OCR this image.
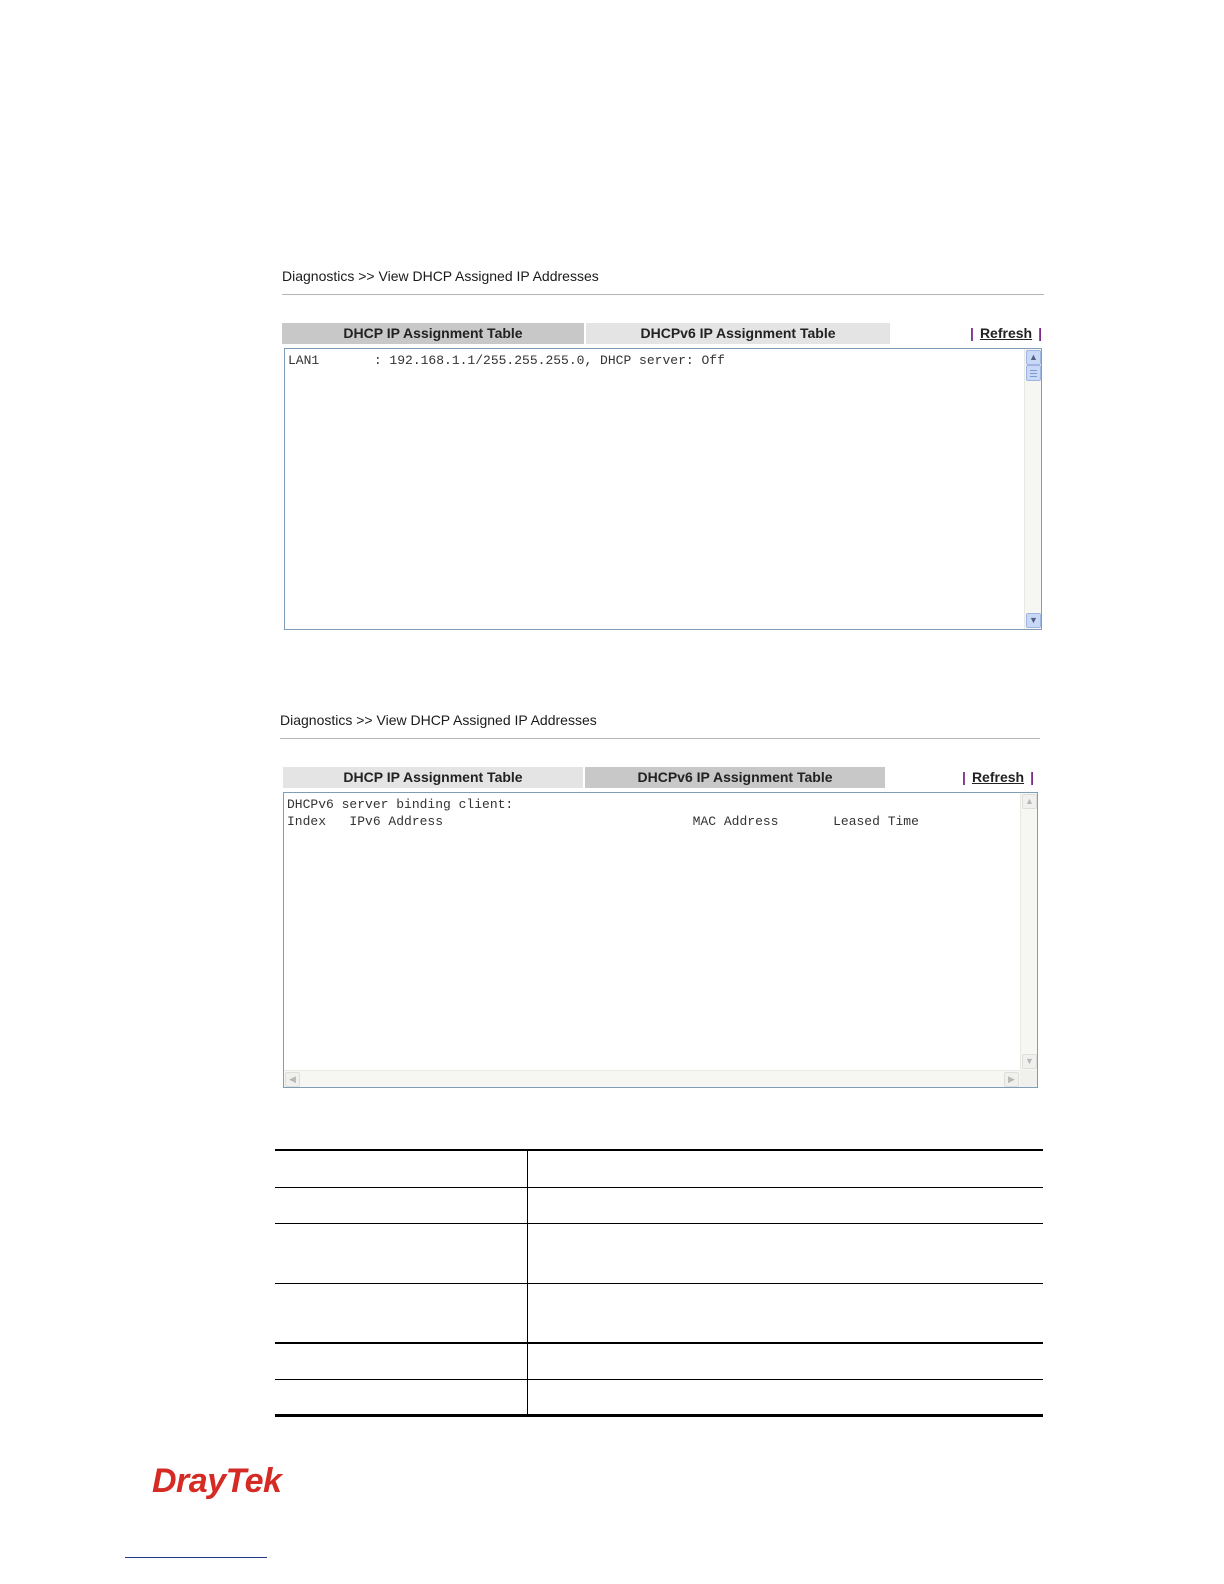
Diagnostics >> View DHCP Assigned IP Addresses
DHCP IP Assignment Table	DHCPv6 IP Assignment Table	| Refresh |
LAN1       : 192.168.1.1/255.255.255.0, DHCP server: Off	▲
▼
Diagnostics >> View DHCP Assigned IP Addresses
DHCP IP Assignment Table	DHCPv6 IP Assignment Table	| Refresh |
DHCPv6 server binding client:
Index   IPv6 Address                                MAC Address       Leased Time
▲
▼
◀	▶
DrayTek
